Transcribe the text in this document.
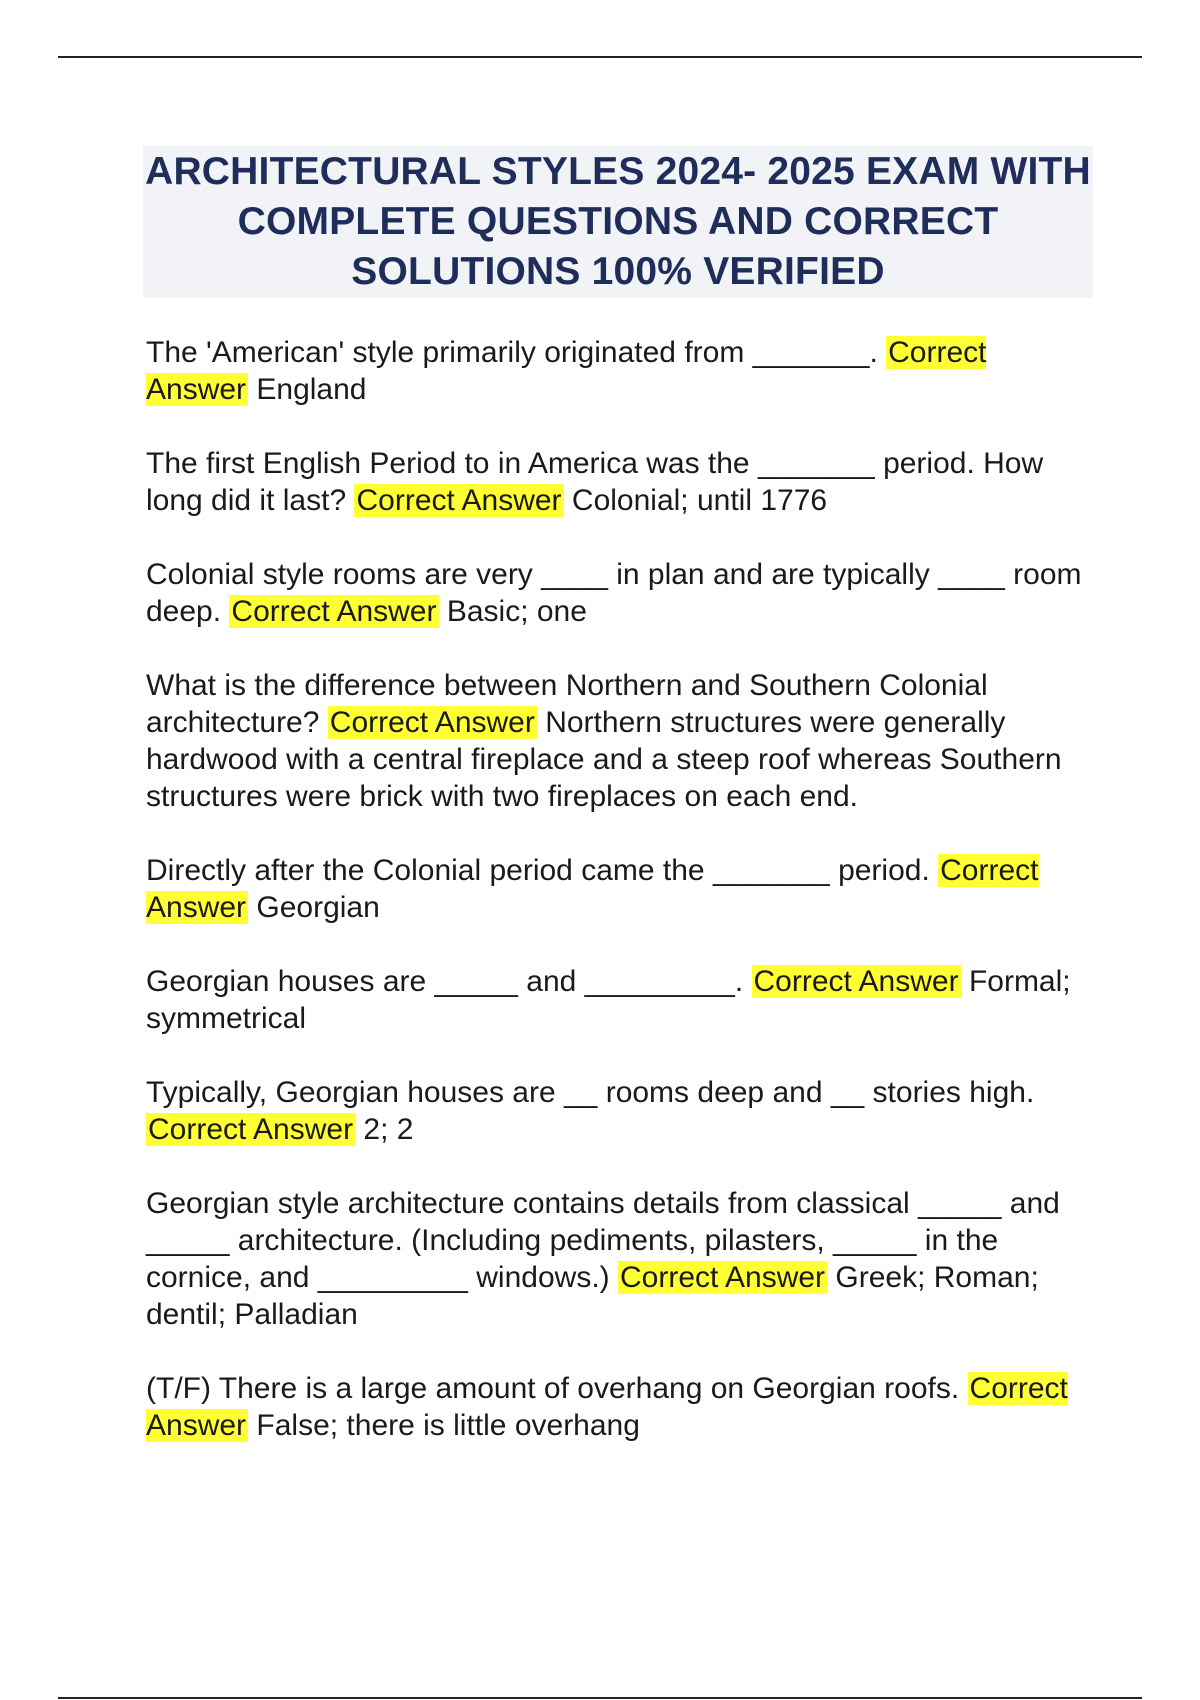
ARCHITECTURAL STYLES 2024- 2025 EXAM WITH COMPLETE QUESTIONS AND CORRECT SOLUTIONS 100% VERIFIED

The 'American' style primarily originated from _______. Correct Answer England

The first English Period to in America was the _______ period. How long did it last? Correct Answer Colonial; until 1776

Colonial style rooms are very ____ in plan and are typically ____ room deep. Correct Answer Basic; one

What is the difference between Northern and Southern Colonial architecture? Correct Answer Northern structures were generally hardwood with a central fireplace and a steep roof whereas Southern structures were brick with two fireplaces on each end.

Directly after the Colonial period came the _______ period. Correct Answer Georgian

Georgian houses are _____ and _________. Correct Answer Formal; symmetrical

Typically, Georgian houses are __ rooms deep and __ stories high. Correct Answer 2; 2

Georgian style architecture contains details from classical _____ and _____ architecture. (Including pediments, pilasters, _____ in the cornice, and _________ windows.) Correct Answer Greek; Roman; dentil; Palladian

(T/F) There is a large amount of overhang on Georgian roofs. Correct Answer False; there is little overhang
